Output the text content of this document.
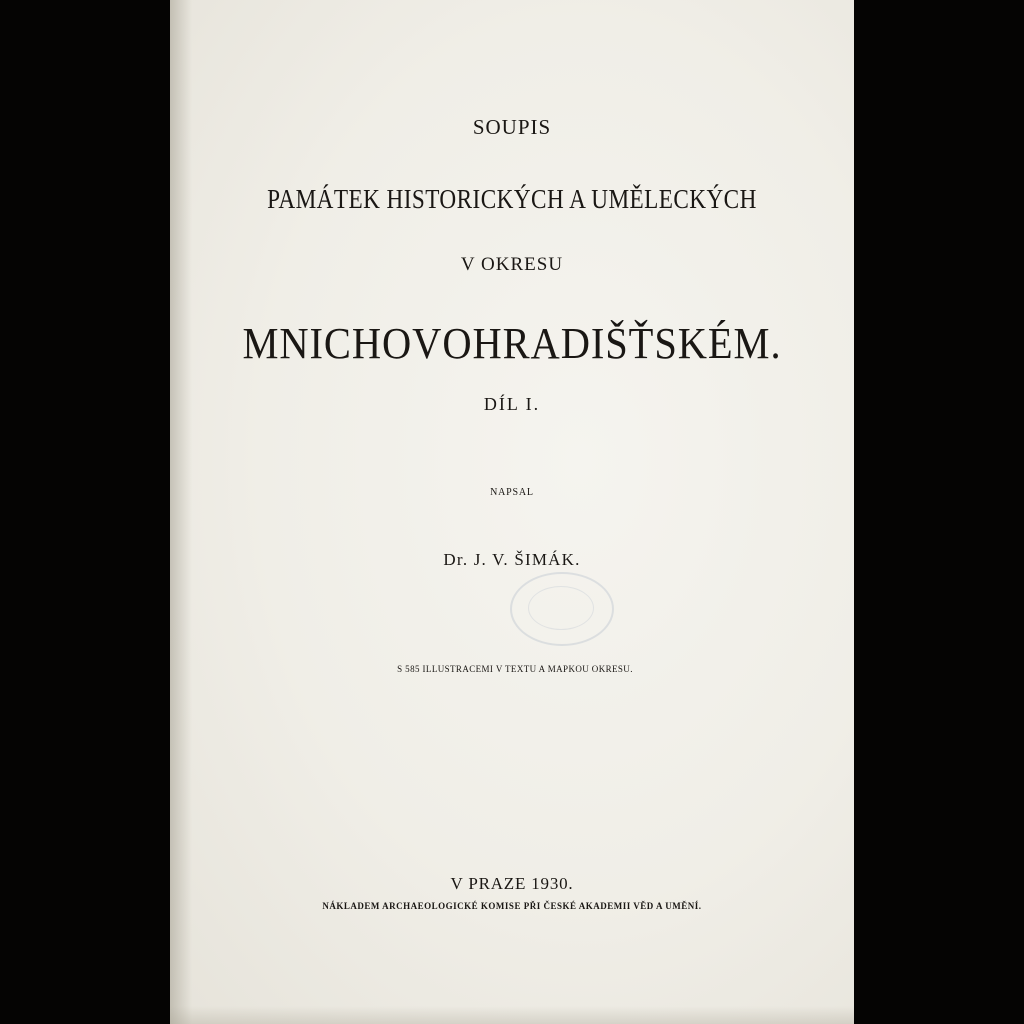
SOUPIS
PAMÁTEK HISTORICKÝCH A UMĚLECKÝCH
V OKRESU
MNICHOVOHRADIŠŤSKÉM.
DÍL I.
NAPSAL
Dr. J. V. ŠIMÁK.
S 585 ILLUSTRACEMI V TEXTU A MAPKOU OKRESU.
V PRAZE 1930.
NÁKLADEM ARCHAEOLOGICKÉ KOMISE PŘI ČESKÉ AKADEMII VĚD A UMĚNÍ.
